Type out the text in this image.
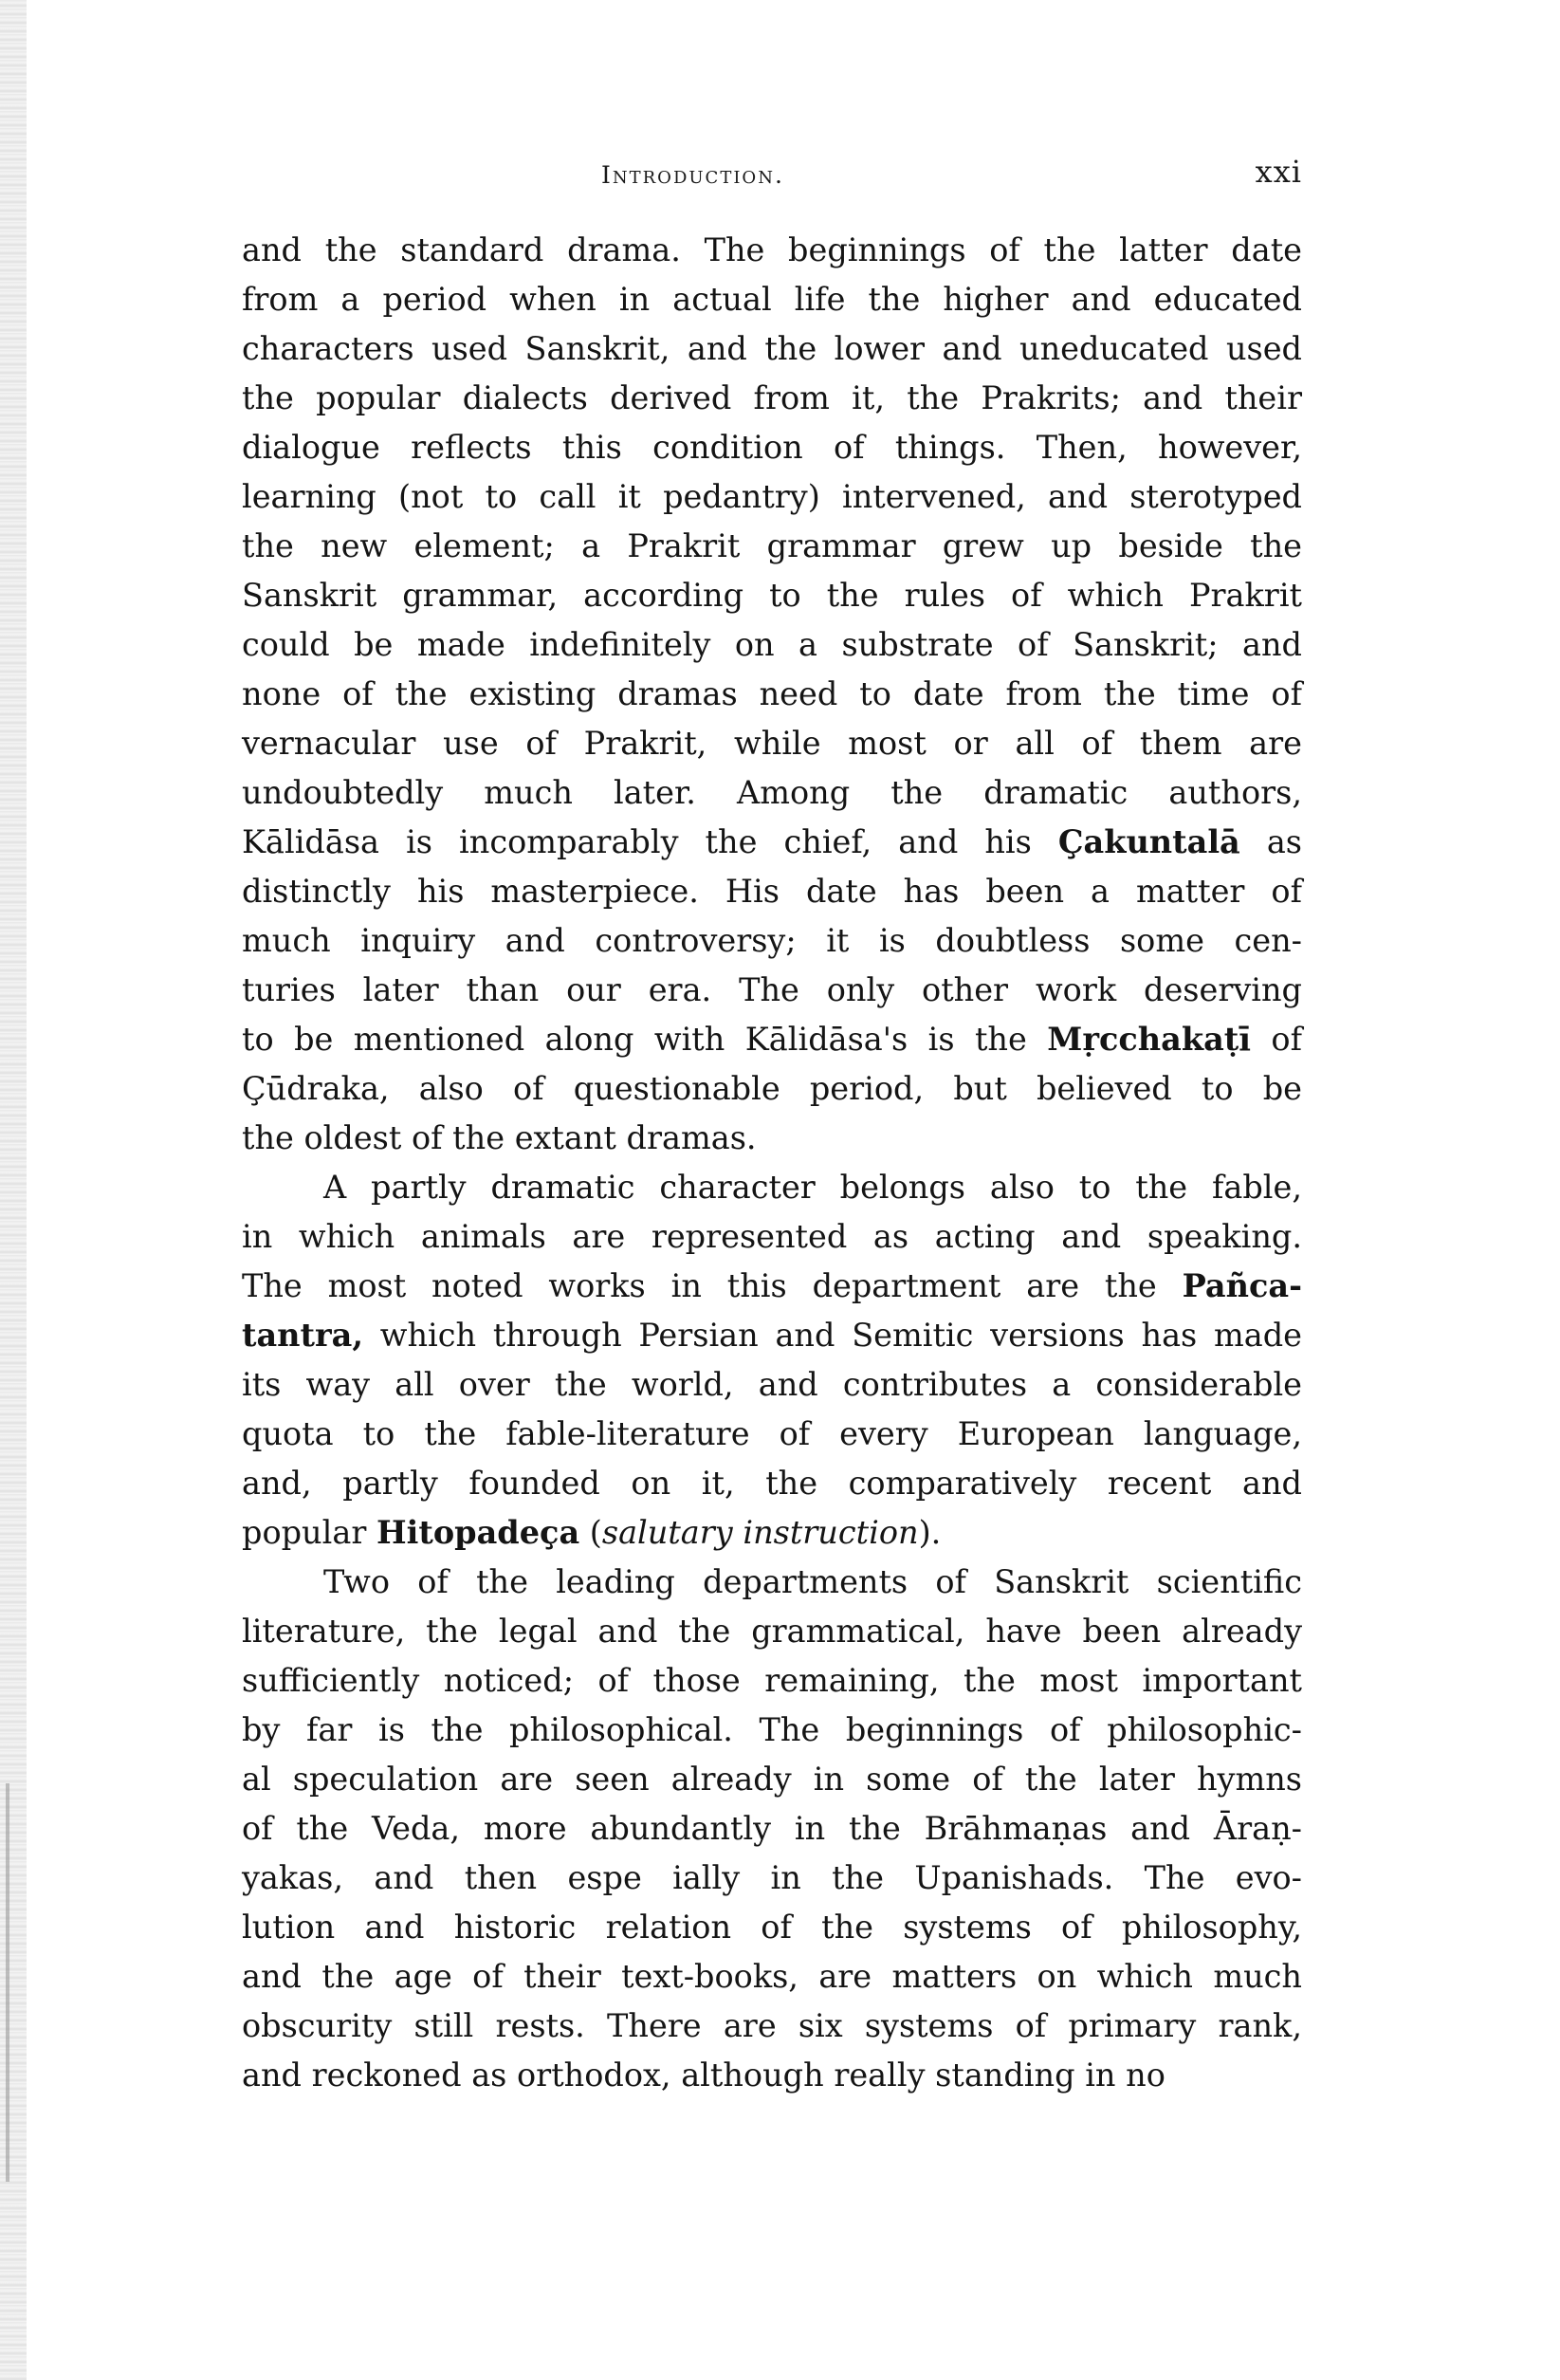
Introduction.	xxi
and the standard drama. The beginnings of the latter date
from a period when in actual life the higher and educated
characters used Sanskrit, and the lower and uneducated used
the popular dialects derived from it, the Prakrits; and their
dialogue reflects this condition of things. Then, however,
learning (not to call it pedantry) intervened, and sterotyped
the new element; a Prakrit grammar grew up beside the
Sanskrit grammar, according to the rules of which Prakrit
could be made indefinitely on a substrate of Sanskrit; and
none of the existing dramas need to date from the time of
vernacular use of Prakrit, while most or all of them are
undoubtedly much later. Among the dramatic authors,
Kālidāsa is incomparably the chief, and his Çakuntalā as
distinctly his masterpiece. His date has been a matter of
much inquiry and controversy; it is doubtless some cen-
turies later than our era. The only other work deserving
to be mentioned along with Kālidāsa's is the Mṛcchakaṭī of
Çūdraka, also of questionable period, but believed to be
the oldest of the extant dramas.
A partly dramatic character belongs also to the fable,
in which animals are represented as acting and speaking.
The most noted works in this department are the Pañca-
tantra, which through Persian and Semitic versions has made
its way all over the world, and contributes a considerable
quota to the fable-literature of every European language,
and, partly founded on it, the comparatively recent and
popular Hitopadeça (salutary instruction).
Two of the leading departments of Sanskrit scientific
literature, the legal and the grammatical, have been already
sufficiently noticed; of those remaining, the most important
by far is the philosophical. The beginnings of philosophic-
al speculation are seen already in some of the later hymns
of the Veda, more abundantly in the Brāhmaṇas and Āraṇ-
yakas, and then espe ially in the Upanishads. The evo-
lution and historic relation of the systems of philosophy,
and the age of their text-books, are matters on which much
obscurity still rests. There are six systems of primary rank,
and reckoned as orthodox, although really standing in no
